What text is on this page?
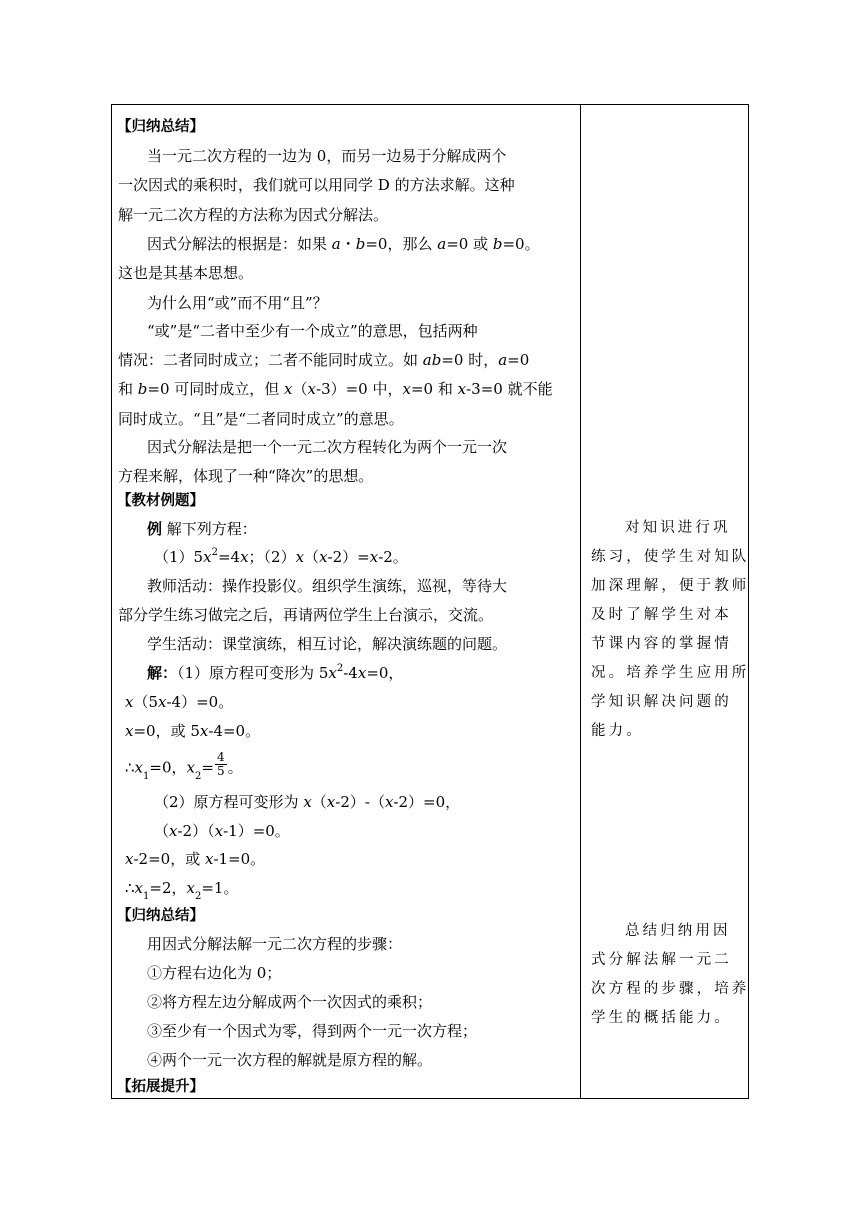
【归纳总结】
当一元二次方程的一边为 0，而另一边易于分解成两个
一次因式的乘积时，我们就可以用同学 D 的方法求解。这种
解一元二次方程的方法称为因式分解法。
因式分解法的根据是：如果 a・b=0，那么 a=0 或 b=0。
这也是其基本思想。
为什么用“或”而不用“且”？
“或”是“二者中至少有一个成立”的意思，包括两种
情况：二者同时成立；二者不能同时成立。如 ab=0 时，a=0
和 b=0 可同时成立，但 x（x-3）=0 中，x=0 和 x-3=0 就不能
同时成立。“且”是“二者同时成立”的意思。
因式分解法是把一个一元二次方程转化为两个一元一次
方程来解，体现了一种“降次”的思想。
【教材例题】
例 解下列方程：
$(1)5x^2=4x$；（2）x（x-2）=x-2。
教师活动：操作投影仪。组织学生演练，巡视，等待大
部分学生练习做完之后，再请两位学生上台演示，交流。
学生活动：课堂演练，相互讨论，解决演练题的问题。
解：（1）原方程可变形为 $5x^2-4x=0$，
x（5x-4）=0。
x=0，或 5x-4=0。
$\therefore x_1=0$，$x_2= \frac{4}{5}$ 。
（2）原方程可变形为 x（x-2）-（x-2）=0，
（x-2）（x-1）=0。
x-2=0，或 x-1=0。
$\therefore x_1=2$，$x_2=1$。
【归纳总结】
用因式分解法解一元二次方程的步骤：
①方程右边化为 0；
②将方程左边分解成两个一次因式的乘积；
③至少有一个因式为零，得到两个一元一次方程；
④两个一元一次方程的解就是原方程的解。
【拓展提升】
对知识进行巩
练习，使学生对知队
加深理解，便于教师
及时了解学生对本
节课内容的掌握情
况。培养学生应用所
学知识解决问题的
能力。
总结归纳用因
式分解法解一元二
次方程的步骤，培养
学生的概括能力。
